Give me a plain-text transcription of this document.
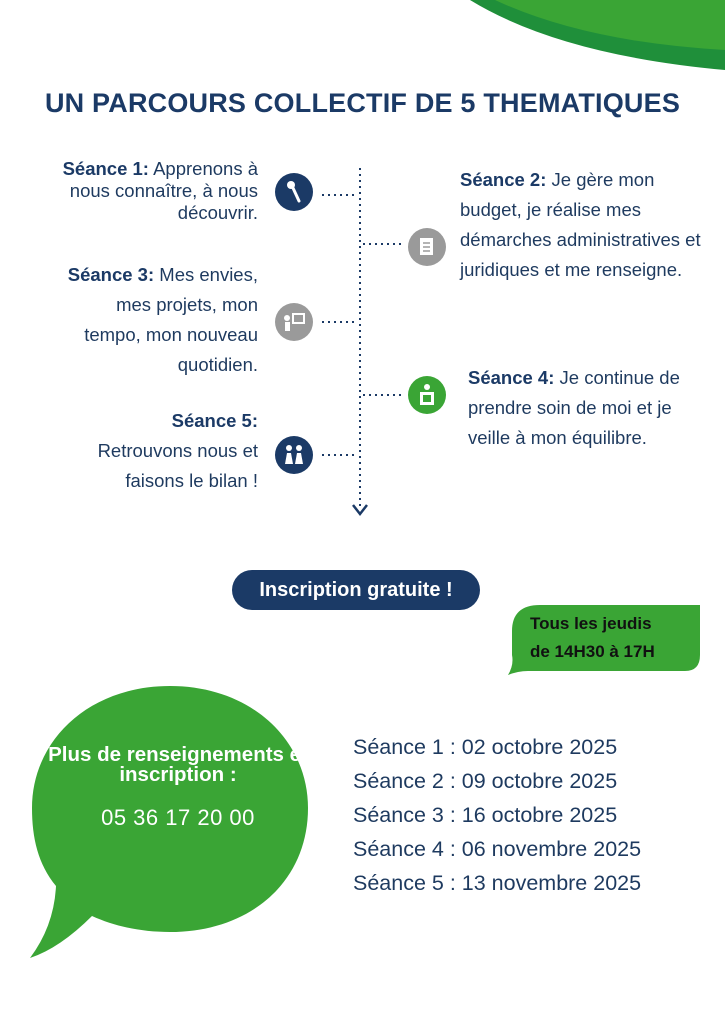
UN PARCOURS COLLECTIF DE 5 THEMATIQUES
Séance 1: Apprenons à nous connaître, à nous découvrir.
Séance 2: Je gère mon budget, je réalise mes démarches administratives et juridiques et me renseigne.
Séance 3: Mes envies, mes projets, mon tempo, mon nouveau quotidien.
Séance 4: Je continue de prendre soin de moi et je veille à mon équilibre.
Séance 5:
Retrouvons nous et faisons le bilan !
Inscription gratuite !
Tous les jeudis
de 14H30 à 17H
Plus de renseignements et inscription :
05 36 17 20 00
Séance 1 : 02 octobre 2025
Séance 2 : 09 octobre 2025
Séance 3 : 16 octobre 2025
Séance 4 : 06 novembre 2025
Séance 5 : 13 novembre 2025
